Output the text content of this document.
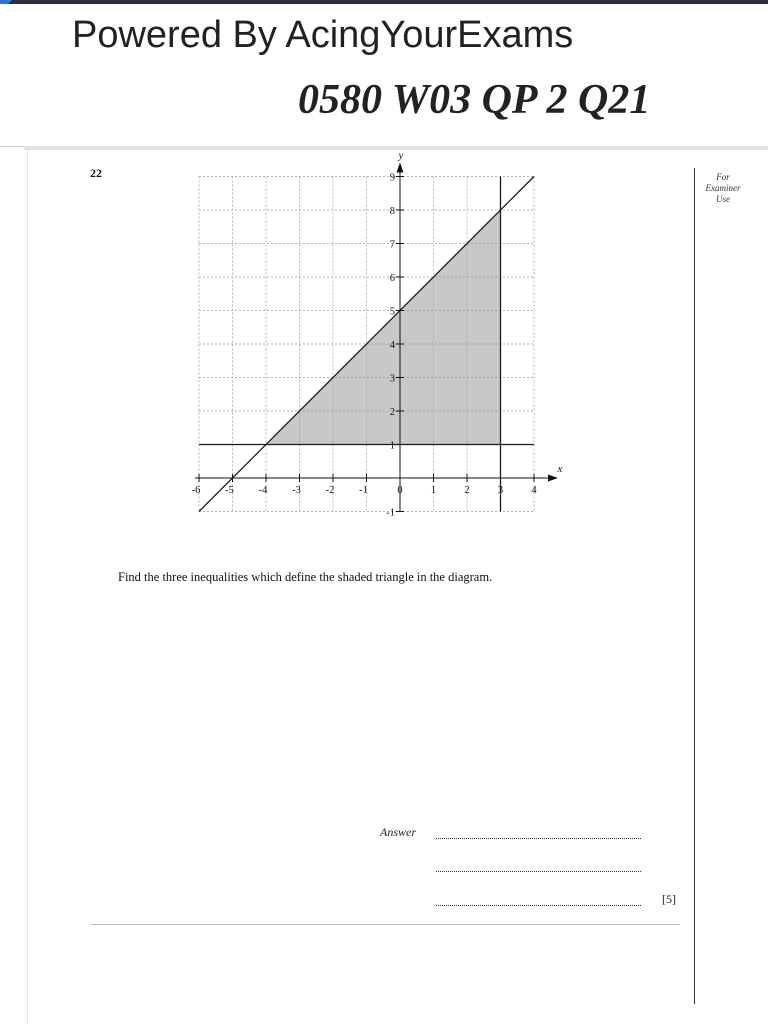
Powered By AcingYourExams
0580 W03 QP 2 Q21
22	For
Examiner
Use
-6 -5 -4 -3 -2 -1	0	1	2	3	4
-1
1
2
3
4
5
6
7
8
9
x
y
Find the three inequalities which define the shaded triangle in the diagram.
Answer
[5]
